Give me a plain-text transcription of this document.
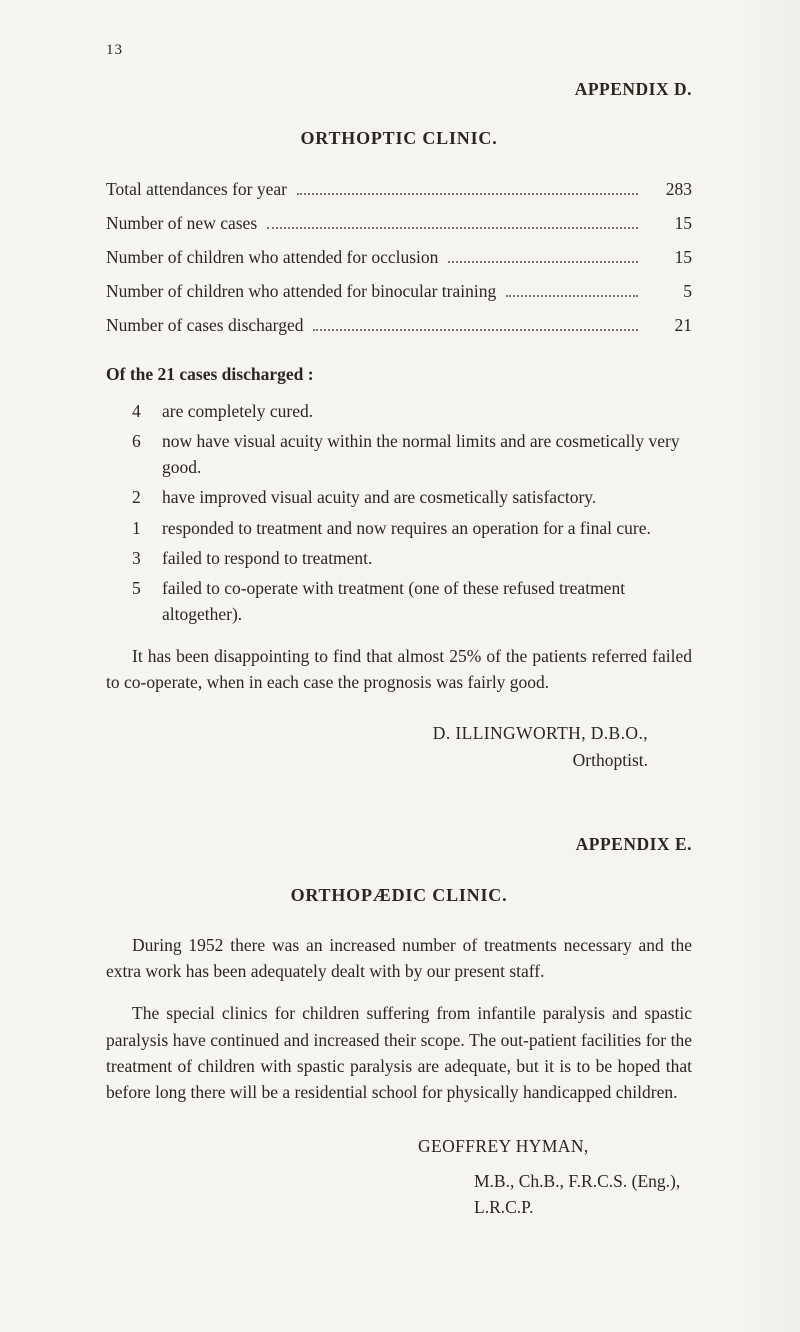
13
APPENDIX D.
ORTHOPTIC CLINIC.
Total attendances for year	283
Number of new cases	15
Number of children who attended for occlusion	15
Number of children who attended for binocular training	5
Number of cases discharged	21
Of the 21 cases discharged :
4	are completely cured.
6	now have visual acuity within the normal limits and are cosmetically very good.
2	have improved visual acuity and are cosmetically satisfactory.
1	responded to treatment and now requires an operation for a final cure.
3	failed to respond to treatment.
5	failed to co-operate with treatment (one of these refused treatment altogether).

It has been disappointing to find that almost 25% of the patients referred failed to co-operate, when in each case the prognosis was fairly good.

D. ILLINGWORTH, D.B.O.,
Orthoptist.
APPENDIX E.
ORTHOPÆDIC CLINIC.

During 1952 there was an increased number of treatments necessary and the extra work has been adequately dealt with by our present staff.

The special clinics for children suffering from infantile paralysis and spastic paralysis have continued and increased their scope. The out-patient facilities for the treatment of children with spastic paralysis are adequate, but it is to be hoped that before long there will be a residential school for physically handicapped children.

GEOFFREY HYMAN,
M.B., Ch.B., F.R.C.S. (Eng.),
L.R.C.P.
